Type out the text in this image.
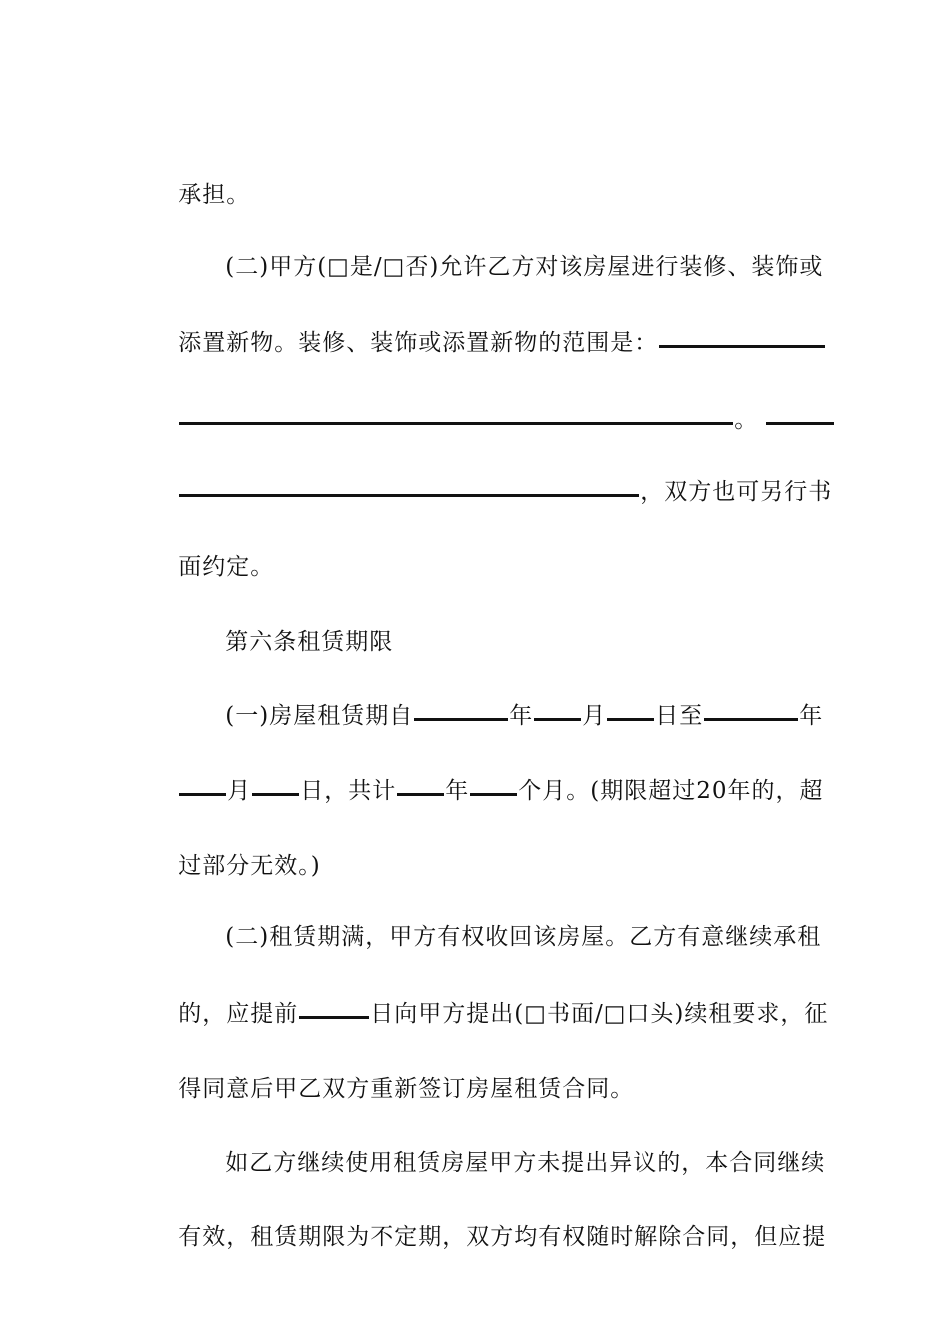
承担。

(二)甲方(□是/□否)允许乙方对该房屋进行装修、装饰或

添置新物。装修、装饰或添置新物的范围是：

。

，双方也可另行书

面约定。

第六条租赁期限

(一)房屋租赁期自	年 月 日至	年

月 日，共计 年 个月。(期限超过20年的，超

过部分无效。)

(二)租赁期满，甲方有权收回该房屋。乙方有意继续承租

的，应提前	日向甲方提出(□书面/□口头)续租要求，征

得同意后甲乙双方重新签订房屋租赁合同。

如乙方继续使用租赁房屋甲方未提出异议的，本合同继续

有效，租赁期限为不定期，双方均有权随时解除合同，但应提
